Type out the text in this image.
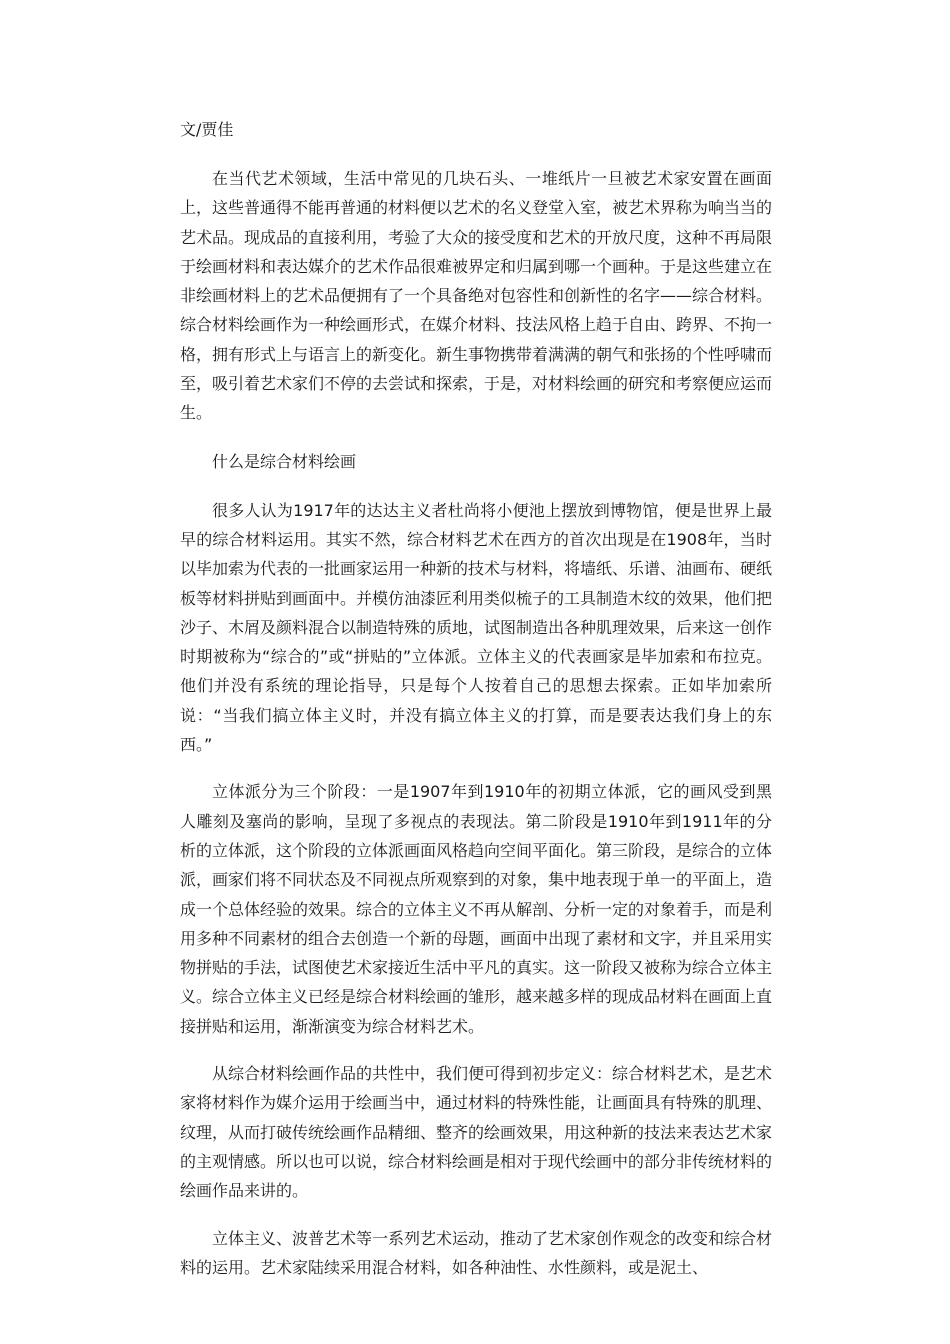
文/贾佳

在当代艺术领域，生活中常见的几块石头、一堆纸片一旦被艺术家安置在画面上，这些普通得不能再普通的材料便以艺术的名义登堂入室，被艺术界称为响当当的艺术品。现成品的直接利用，考验了大众的接受度和艺术的开放尺度，这种不再局限于绘画材料和表达媒介的艺术作品很难被界定和归属到哪一个画种。于是这些建立在非绘画材料上的艺术品便拥有了一个具备绝对包容性和创新性的名字——综合材料。综合材料绘画作为一种绘画形式，在媒介材料、技法风格上趋于自由、跨界、不拘一格，拥有形式上与语言上的新变化。新生事物携带着满满的朝气和张扬的个性呼啸而至，吸引着艺术家们不停的去尝试和探索，于是，对材料绘画的研究和考察便应运而生。

什么是综合材料绘画

很多人认为1917年的达达主义者杜尚将小便池上摆放到博物馆，便是世界上最早的综合材料运用。其实不然，综合材料艺术在西方的首次出现是在1908年，当时以毕加索为代表的一批画家运用一种新的技术与材料，将墙纸、乐谱、油画布、硬纸板等材料拼贴到画面中。并模仿油漆匠利用类似梳子的工具制造木纹的效果，他们把沙子、木屑及颜料混合以制造特殊的质地，试图制造出各种肌理效果，后来这一创作时期被称为“综合的”或“拼贴的”立体派。立体主义的代表画家是毕加索和布拉克。他们并没有系统的理论指导，只是每个人按着自己的思想去探索。正如毕加索所说：“当我们搞立体主义时，并没有搞立体主义的打算，而是要表达我们身上的东西。”

立体派分为三个阶段：一是1907年到1910年的初期立体派，它的画风受到黑人雕刻及塞尚的影响，呈现了多视点的表现法。第二阶段是1910年到1911年的分析的立体派，这个阶段的立体派画面风格趋向空间平面化。第三阶段，是综合的立体派，画家们将不同状态及不同视点所观察到的对象，集中地表现于单一的平面上，造成一个总体经验的效果。综合的立体主义不再从解剖、分析一定的对象着手，而是利用多种不同素材的组合去创造一个新的母题，画面中出现了素材和文字，并且采用实物拼贴的手法，试图使艺术家接近生活中平凡的真实。这一阶段又被称为综合立体主义。综合立体主义已经是综合材料绘画的雏形，越来越多样的现成品材料在画面上直接拼贴和运用，渐渐演变为综合材料艺术。

从综合材料绘画作品的共性中，我们便可得到初步定义：综合材料艺术，是艺术家将材料作为媒介运用于绘画当中，通过材料的特殊性能，让画面具有特殊的肌理、纹理，从而打破传统绘画作品精细、整齐的绘画效果，用这种新的技法来表达艺术家的主观情感。所以也可以说，综合材料绘画是相对于现代绘画中的部分非传统材料的绘画作品来讲的。

立体主义、波普艺术等一系列艺术运动，推动了艺术家创作观念的改变和综合材料的运用。艺术家陆续采用混合材料，如各种油性、水性颜料，或是泥土、
